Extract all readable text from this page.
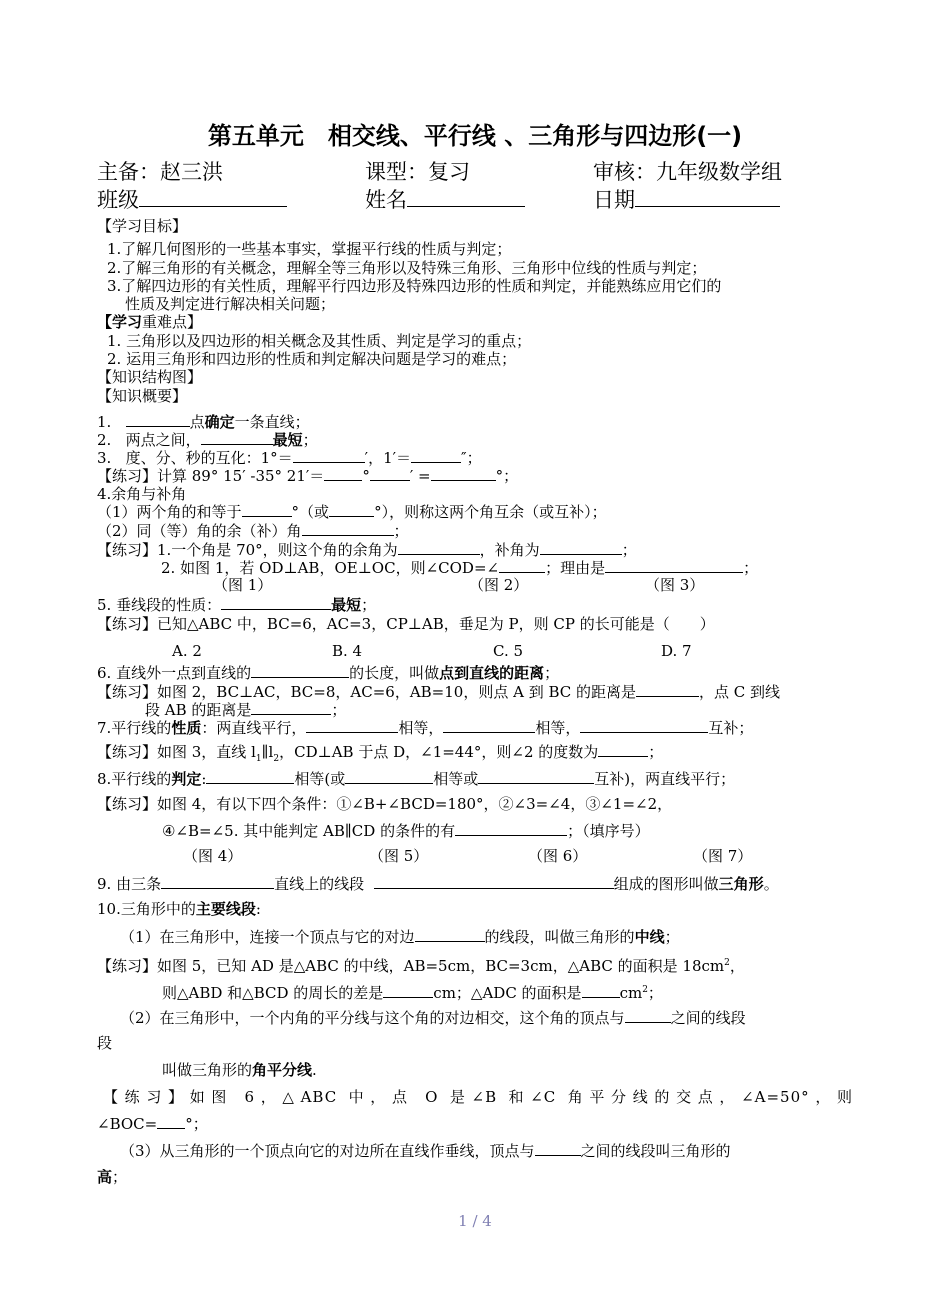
第五单元　相交线、平行线 、三角形与四边形(一)
主备：赵三洪	课型：复习	审核：九年级数学组
班级	姓名	日期
【学习目标】
1.了解几何图形的一些基本事实，掌握平行线的性质与判定；
2.了解三角形的有关概念，理解全等三角形以及特殊三角形、三角形中位线的性质与判定；
3.了解四边形的有关性质，理解平行四边形及特殊四边形的性质和判定，并能熟练应用它们的
性质及判定进行解决相关问题；
【学习重难点】
1. 三角形以及四边形的相关概念及其性质、判定是学习的重点；
2. 运用三角形和四边形的性质和判定解决问题是学习的难点；
【知识结构图】
【知识概要】
1.	点确定一条直线；
2. 两点之间，	最短；
3. 度、分、秒的互化：1°＝	′，1′＝	″；
【练习】计算 89° 15′ -35° 21′＝	°	′ =	°；
4.余角与补角
（1）两个角的和等于	°（或	°），则称这两个角互余（或互补）；
（2）同（等）角的余（补）角	；
【练习】1.一个角是 70°，则这个角的余角为	，补角为	；
2. 如图 1，若 OD⊥AB，OE⊥OC，则∠COD=∠	；理由是	；
（图 1）	（图 2）	（图 3）
5. 垂线段的性质：	最短；
【练习】已知△ABC 中，BC=6，AC=3，CP⊥AB，垂足为 P，则 CP 的长可能是（　　）
A. 2	B. 4	C. 5	D. 7
6. 直线外一点到直线的	的长度，叫做点到直线的距离；
【练习】如图 2，BC⊥AC，BC=8，AC=6，AB=10，则点 A 到 BC 的距离是	，点 C 到线
段 AB 的距离是	；
7.平行线的性质：两直线平行，	相等，	相等，	互补；
【练习】如图 3，直线 $l_1\parallel l_2$，CD⊥AB 于点 D，∠1=44°，则∠2 的度数为	；
8.平行线的判定:	相等(或	相等或	互补)，两直线平行；
【练习】如图 4，有以下四个条件：①∠B+∠BCD=180°，②∠3=∠4，③∠1=∠2，
④∠B=∠5. 其中能判定 AB∥CD 的条件的有	；（填序号）
（图 4）	（图 5）	（图 6）	（图 7）
9. 由三条	直线上的线段	组成的图形叫做三角形。
10.三角形中的主要线段:
（1）在三角形中，连接一个顶点与它的对边	的线段，叫做三角形的中线；
【练习】如图 5，已知 AD 是△ABC 的中线，AB=5cm，BC=3cm，△ABC 的面积是 $18cm^2$，
则△ABD 和△BCD 的周长的差是	cm；△ADC 的面积是	$cm^2$；
（2）在三角形中，一个内角的平分线与这个角的对边相交，这个角的顶点与	之间的线段
段
叫做三角形的角平分线.
【练习】如图 6，△ABC 中，点 O 是∠B 和∠C 角平分线的交点，∠A=50°，则
∠BOC= °；
（3）从三角形的一个顶点向它的对边所在直线作垂线，顶点与	之间的线段叫三角形的
高；
1 / 4
